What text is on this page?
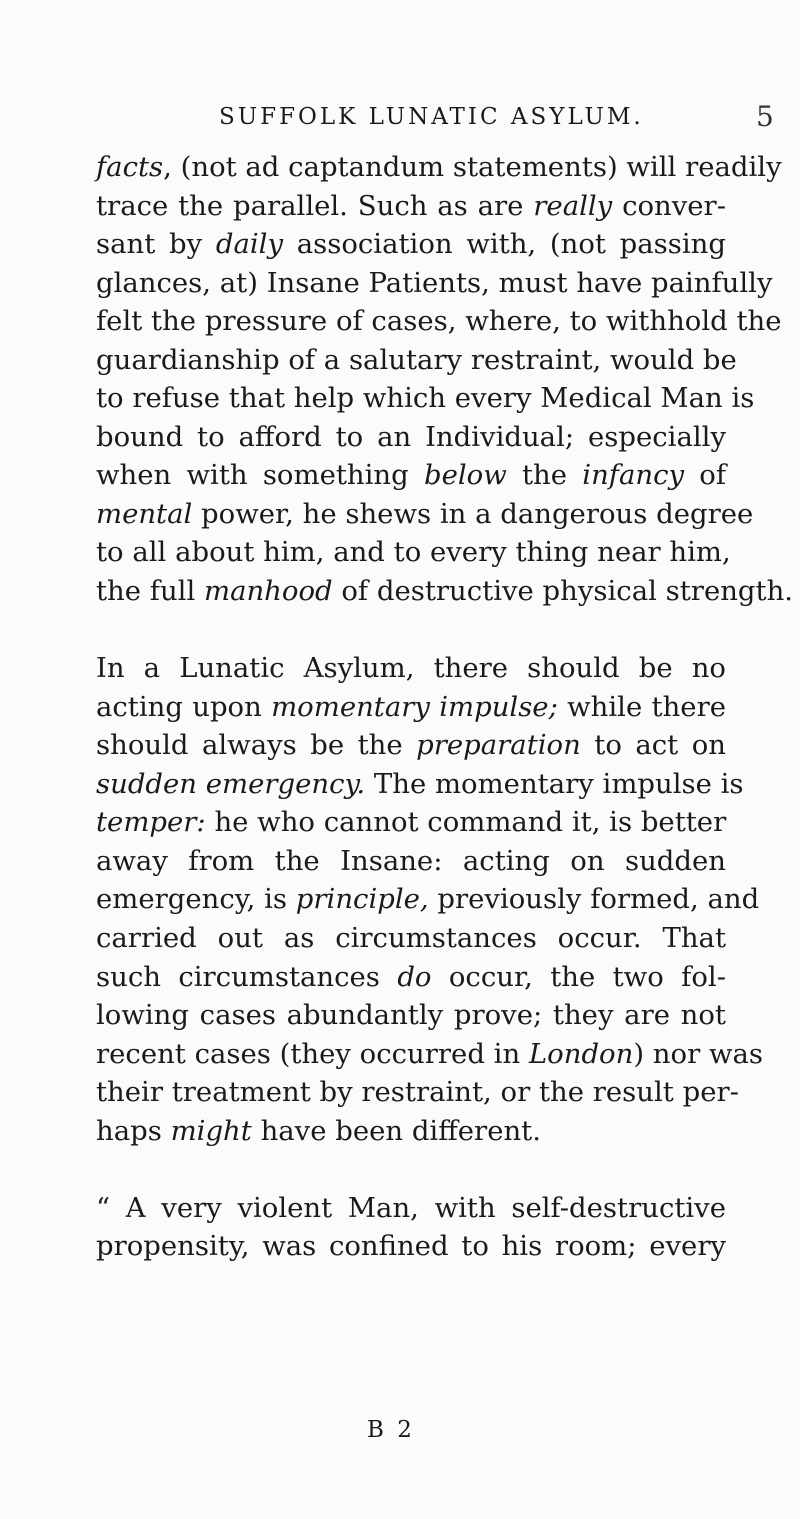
SUFFOLK LUNATIC ASYLUM.	5
facts, (not ad captandum statements) will readily
trace the parallel. Such as are really conver-
sant by daily association with, (not passing
glances, at) Insane Patients, must have painfully
felt the pressure of cases, where, to withhold the
guardianship of a salutary restraint, would be
to refuse that help which every Medical Man is
bound to afford to an Individual; especially
when with something below the infancy of
mental power, he shews in a dangerous degree
to all about him, and to every thing near him,
the full manhood of destructive physical strength.
In a Lunatic Asylum, there should be no
acting upon momentary impulse; while there
should always be the preparation to act on
sudden emergency. The momentary impulse is
temper: he who cannot command it, is better
away from the Insane: acting on sudden
emergency, is principle, previously formed, and
carried out as circumstances occur. That
such circumstances do occur, the two fol-
lowing cases abundantly prove; they are not
recent cases (they occurred in London) nor was
their treatment by restraint, or the result per-
haps might have been different.
“ A very violent Man, with self-destructive
propensity, was confined to his room; every
B 2
